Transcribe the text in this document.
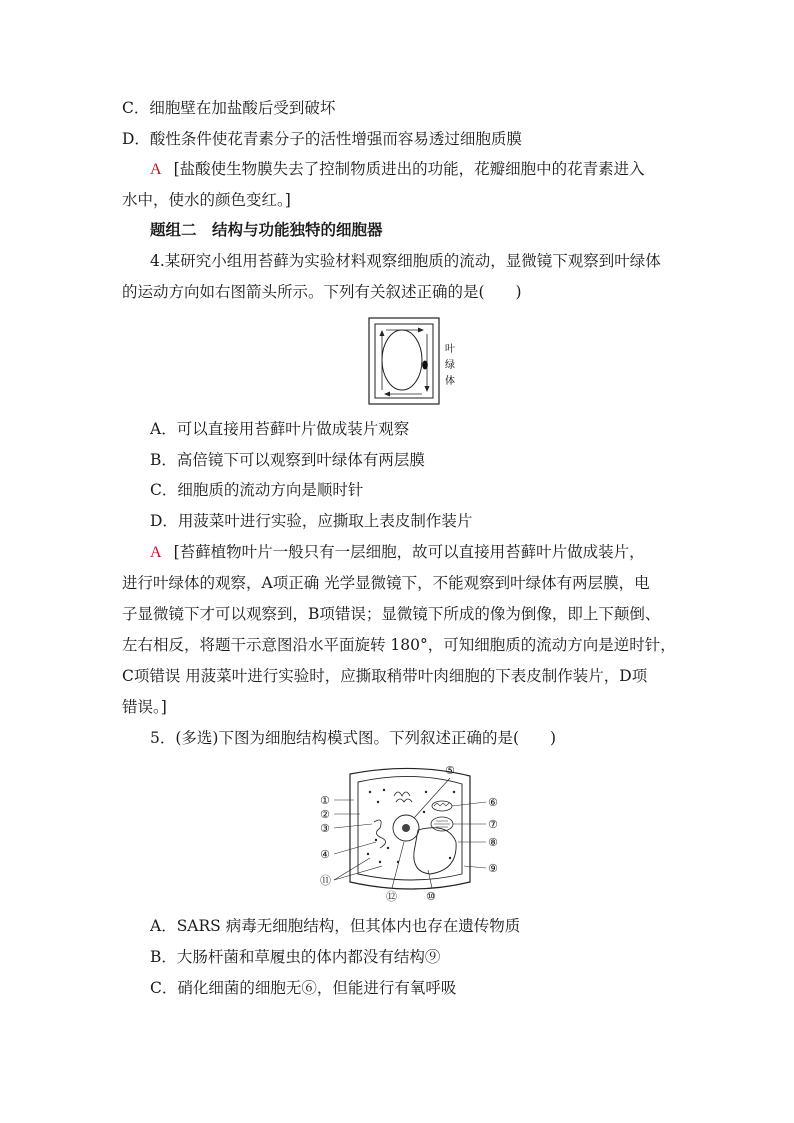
C．细胞壁在加盐酸后受到破坏
D．酸性条件使花青素分子的活性增强而容易透过细胞质膜
A [盐酸使生物膜失去了控制物质进出的功能，花瓣细胞中的花青素进入
水中，使水的颜色变红。]
题组二　结构与功能独特的细胞器
4.某研究小组用苔藓为实验材料观察细胞质的流动，显微镜下观察到叶绿体
的运动方向如右图箭头所示。下列有关叙述正确的是(　　)
叶
绿
体
A．可以直接用苔藓叶片做成装片观察
B．高倍镜下可以观察到叶绿体有两层膜
C．细胞质的流动方向是顺时针
D．用菠菜叶进行实验，应撕取上表皮制作装片
A [苔藓植物叶片一般只有一层细胞，故可以直接用苔藓叶片做成装片，
进行叶绿体的观察，A项正确 光学显微镜下，不能观察到叶绿体有两层膜，电
子显微镜下才可以观察到，B项错误；显微镜下所成的像为倒像，即上下颠倒、
左右相反，将题干示意图沿水平面旋转 180°，可知细胞质的流动方向是逆时针，
C项错误 用菠菜叶进行实验时，应撕取稍带叶肉细胞的下表皮制作装片，D项
错误。]
5．(多选)下图为细胞结构模式图。下列叙述正确的是(　　)
①
②
③
④
⑪
⑥
⑦
⑧
⑨
⑤
⑫	⑩
A．SARS 病毒无细胞结构，但其体内也存在遗传物质
B．大肠杆菌和草履虫的体内都没有结构⑨
C．硝化细菌的细胞无⑥，但能进行有氧呼吸
